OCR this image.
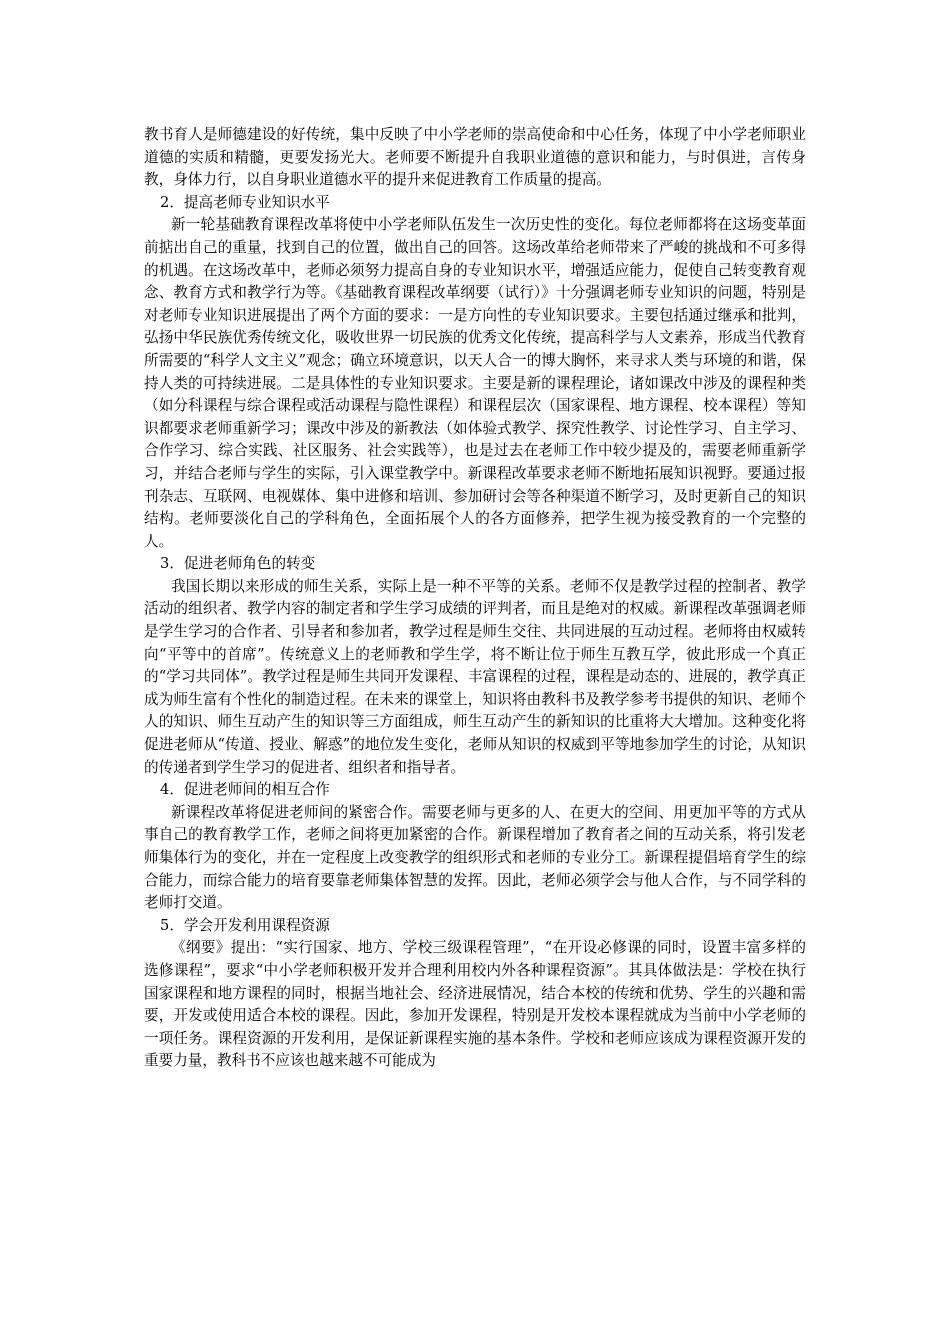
教书育人是师德建设的好传统，集中反映了中小学老师的崇高使命和中心任务，体现了中小学老师职业道德的实质和精髓，更要发扬光大。老师要不断提升自我职业道德的意识和能力，与时俱进，言传身教，身体力行，以自身职业道德水平的提升来促进教育工作质量的提高。

2．提高老师专业知识水平

新一轮基础教育课程改革将使中小学老师队伍发生一次历史性的变化。每位老师都将在这场变革面前掂出自己的重量，找到自己的位置，做出自己的回答。这场改革给老师带来了严峻的挑战和不可多得的机遇。在这场改革中，老师必须努力提高自身的专业知识水平，增强适应能力，促使自己转变教育观念、教育方式和教学行为等。《基础教育课程改革纲要（试行）》十分强调老师专业知识的问题，特别是对老师专业知识进展提出了两个方面的要求：一是方向性的专业知识要求。主要包括通过继承和批判，弘扬中华民族优秀传统文化，吸收世界一切民族的优秀文化传统，提高科学与人文素养，形成当代教育所需要的“科学人文主义”观念；确立环境意识，以天人合一的博大胸怀，来寻求人类与环境的和谐，保持人类的可持续进展。二是具体性的专业知识要求。主要是新的课程理论，诸如课改中涉及的课程种类（如分科课程与综合课程或活动课程与隐性课程）和课程层次（国家课程、地方课程、校本课程）等知识都要求老师重新学习；课改中涉及的新教法（如体验式教学、探究性教学、讨论性学习、自主学习、合作学习、综合实践、社区服务、社会实践等），也是过去在老师工作中较少提及的，需要老师重新学习，并结合老师与学生的实际，引入课堂教学中。新课程改革要求老师不断地拓展知识视野。要通过报刊杂志、互联网、电视媒体、集中进修和培训、参加研讨会等各种渠道不断学习，及时更新自己的知识结构。老师要淡化自己的学科角色，全面拓展个人的各方面修养，把学生视为接受教育的一个完整的人。

3．促进老师角色的转变

我国长期以来形成的师生关系，实际上是一种不平等的关系。老师不仅是教学过程的控制者、教学活动的组织者、教学内容的制定者和学生学习成绩的评判者，而且是绝对的权威。新课程改革强调老师是学生学习的合作者、引导者和参加者，教学过程是师生交往、共同进展的互动过程。老师将由权威转向“平等中的首席”。传统意义上的老师教和学生学，将不断让位于师生互教互学，彼此形成一个真正的“学习共同体”。教学过程是师生共同开发课程、丰富课程的过程，课程是动态的、进展的，教学真正成为师生富有个性化的制造过程。在未来的课堂上，知识将由教科书及教学参考书提供的知识、老师个人的知识、师生互动产生的知识等三方面组成，师生互动产生的新知识的比重将大大增加。这种变化将促进老师从“传道、授业、解惑”的地位发生变化，老师从知识的权威到平等地参加学生的讨论，从知识的传递者到学生学习的促进者、组织者和指导者。

4．促进老师间的相互合作

新课程改革将促进老师间的紧密合作。需要老师与更多的人、在更大的空间、用更加平等的方式从事自己的教育教学工作，老师之间将更加紧密的合作。新课程增加了教育者之间的互动关系，将引发老师集体行为的变化，并在一定程度上改变教学的组织形式和老师的专业分工。新课程提倡培育学生的综合能力，而综合能力的培育要靠老师集体智慧的发挥。因此，老师必须学会与他人合作，与不同学科的老师打交道。

5．学会开发利用课程资源

《纲要》提出：“实行国家、地方、学校三级课程管理”，“在开设必修课的同时，设置丰富多样的选修课程”，要求“中小学老师积极开发并合理利用校内外各种课程资源”。其具体做法是：学校在执行国家课程和地方课程的同时，根据当地社会、经济进展情况，结合本校的传统和优势、学生的兴趣和需要，开发或使用适合本校的课程。因此，参加开发课程，特别是开发校本课程就成为当前中小学老师的一项任务。课程资源的开发利用，是保证新课程实施的基本条件。学校和老师应该成为课程资源开发的重要力量，教科书不应该也越来越不可能成为
